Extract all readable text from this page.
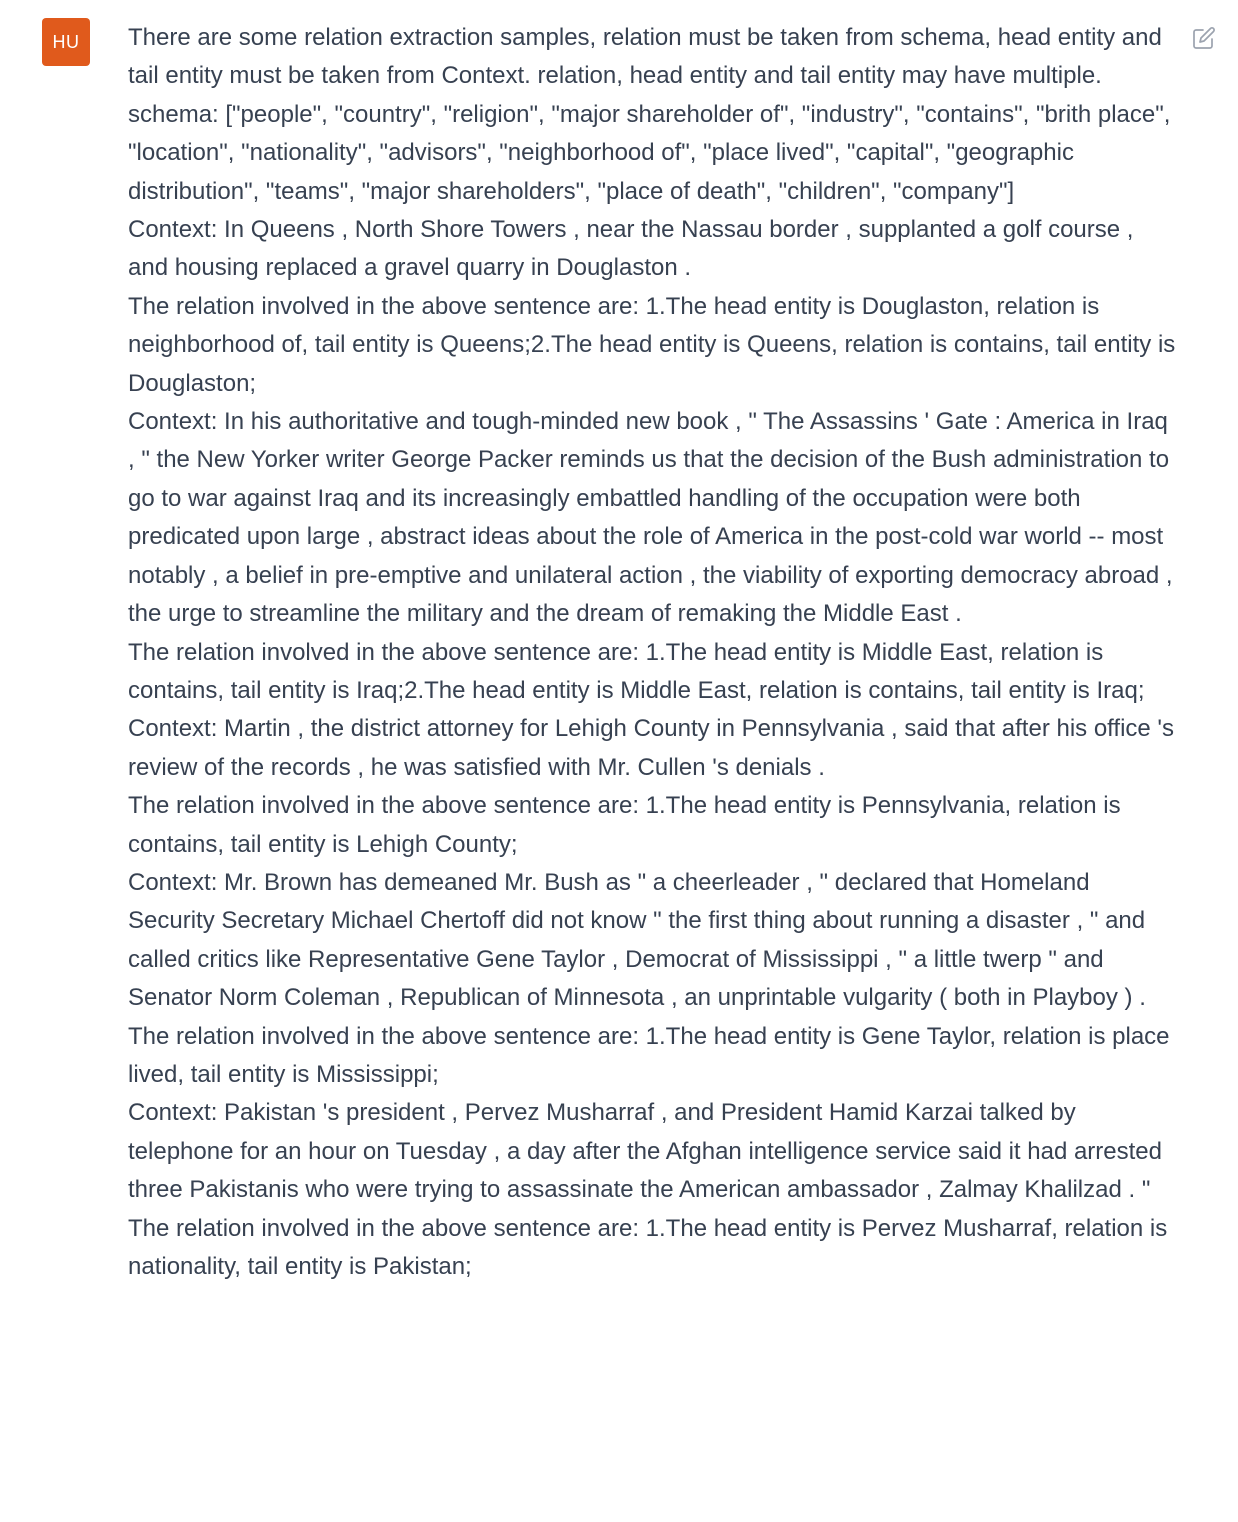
HU	There are some relation extraction samples, relation must be taken from schema, head entity and tail entity must be taken from Context. relation, head entity and tail entity may have multiple.

schema: ["people", "country", "religion", "major shareholder of", "industry", "contains", "brith place", "location", "nationality", "advisors", "neighborhood of", "place lived", "capital", "geographic distribution", "teams", "major shareholders", "place of death", "children", "company"]

Context: In Queens , North Shore Towers , near the Nassau border , supplanted a golf course , and housing replaced a gravel quarry in Douglaston .

The relation involved in the above sentence are: 1.The head entity is Douglaston, relation is neighborhood of, tail entity is Queens;2.The head entity is Queens, relation is contains, tail entity is Douglaston;

Context: In his authoritative and tough-minded new book , " The Assassins ' Gate : America in Iraq , " the New Yorker writer George Packer reminds us that the decision of the Bush administration to go to war against Iraq and its increasingly embattled handling of the occupation were both predicated upon large , abstract ideas about the role of America in the post-cold war world -- most notably , a belief in pre-emptive and unilateral action , the viability of exporting democracy abroad , the urge to streamline the military and the dream of remaking the Middle East .

The relation involved in the above sentence are: 1.The head entity is Middle East, relation is contains, tail entity is Iraq;2.The head entity is Middle East, relation is contains, tail entity is Iraq;

Context: Martin , the district attorney for Lehigh County in Pennsylvania , said that after his office 's review of the records , he was satisfied with Mr. Cullen 's denials .

The relation involved in the above sentence are: 1.The head entity is Pennsylvania, relation is contains, tail entity is Lehigh County;

Context: Mr. Brown has demeaned Mr. Bush as " a cheerleader , " declared that Homeland Security Secretary Michael Chertoff did not know " the first thing about running a disaster , " and called critics like Representative Gene Taylor , Democrat of Mississippi , " a little twerp " and Senator Norm Coleman , Republican of Minnesota , an unprintable vulgarity ( both in Playboy ) .

The relation involved in the above sentence are: 1.The head entity is Gene Taylor, relation is place lived, tail entity is Mississippi;

Context: Pakistan 's president , Pervez Musharraf , and President Hamid Karzai talked by telephone for an hour on Tuesday , a day after the Afghan intelligence service said it had arrested three Pakistanis who were trying to assassinate the American ambassador , Zalmay Khalilzad . "

The relation involved in the above sentence are: 1.The head entity is Pervez Musharraf, relation is nationality, tail entity is Pakistan;
